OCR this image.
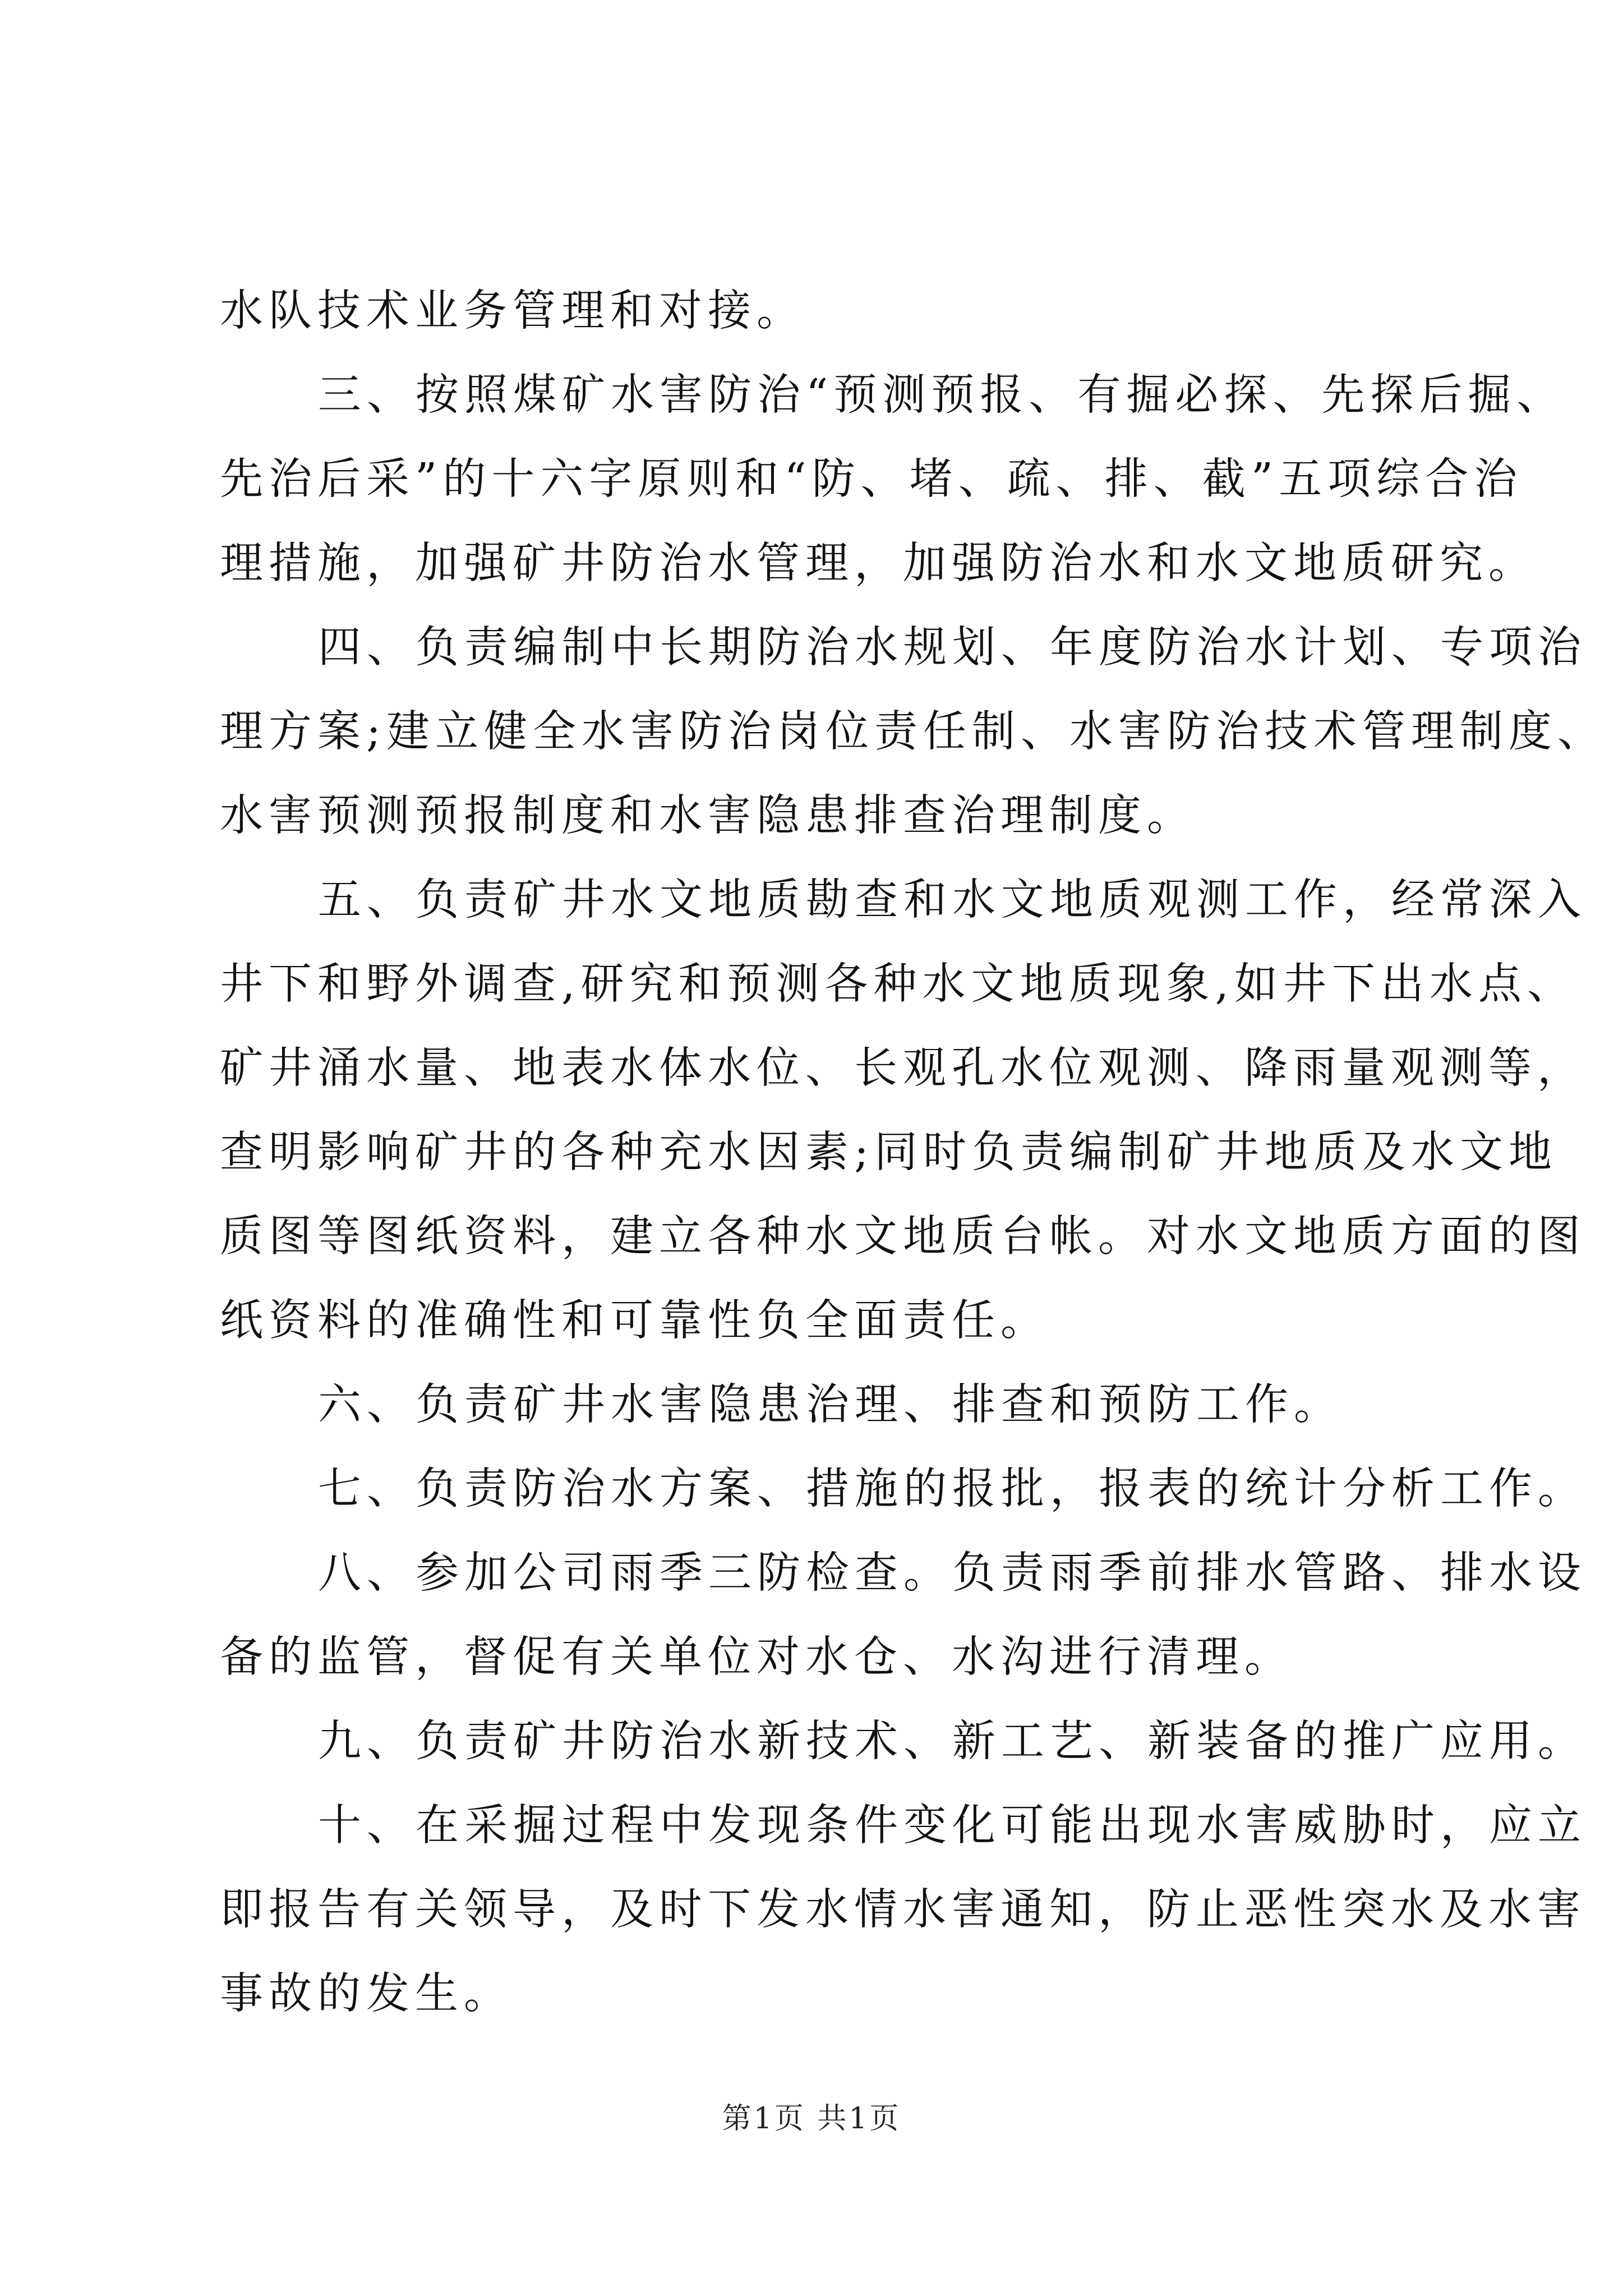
水队技术业务管理和对接。

三、按照煤矿水害防治“预测预报、有掘必探、先探后掘、
先治后采”的十六字原则和“防、堵、疏、排、截”五项综合治
理措施，加强矿井防治水管理，加强防治水和水文地质研究。

四、负责编制中长期防治水规划、年度防治水计划、专项治
理方案;建立健全水害防治岗位责任制、水害防治技术管理制度、
水害预测预报制度和水害隐患排查治理制度。

五、负责矿井水文地质勘查和水文地质观测工作，经常深入
井下和野外调查,研究和预测各种水文地质现象,如井下出水点、
矿井涌水量、地表水体水位、长观孔水位观测、降雨量观测等，
查明影响矿井的各种充水因素;同时负责编制矿井地质及水文地
质图等图纸资料，建立各种水文地质台帐。对水文地质方面的图
纸资料的准确性和可靠性负全面责任。

六、负责矿井水害隐患治理、排查和预防工作。

七、负责防治水方案、措施的报批，报表的统计分析工作。

八、参加公司雨季三防检查。负责雨季前排水管路、排水设
备的监管，督促有关单位对水仓、水沟进行清理。

九、负责矿井防治水新技术、新工艺、新装备的推广应用。

十、在采掘过程中发现条件变化可能出现水害威胁时，应立
即报告有关领导，及时下发水情水害通知，防止恶性突水及水害
事故的发生。

第1页 共1页
